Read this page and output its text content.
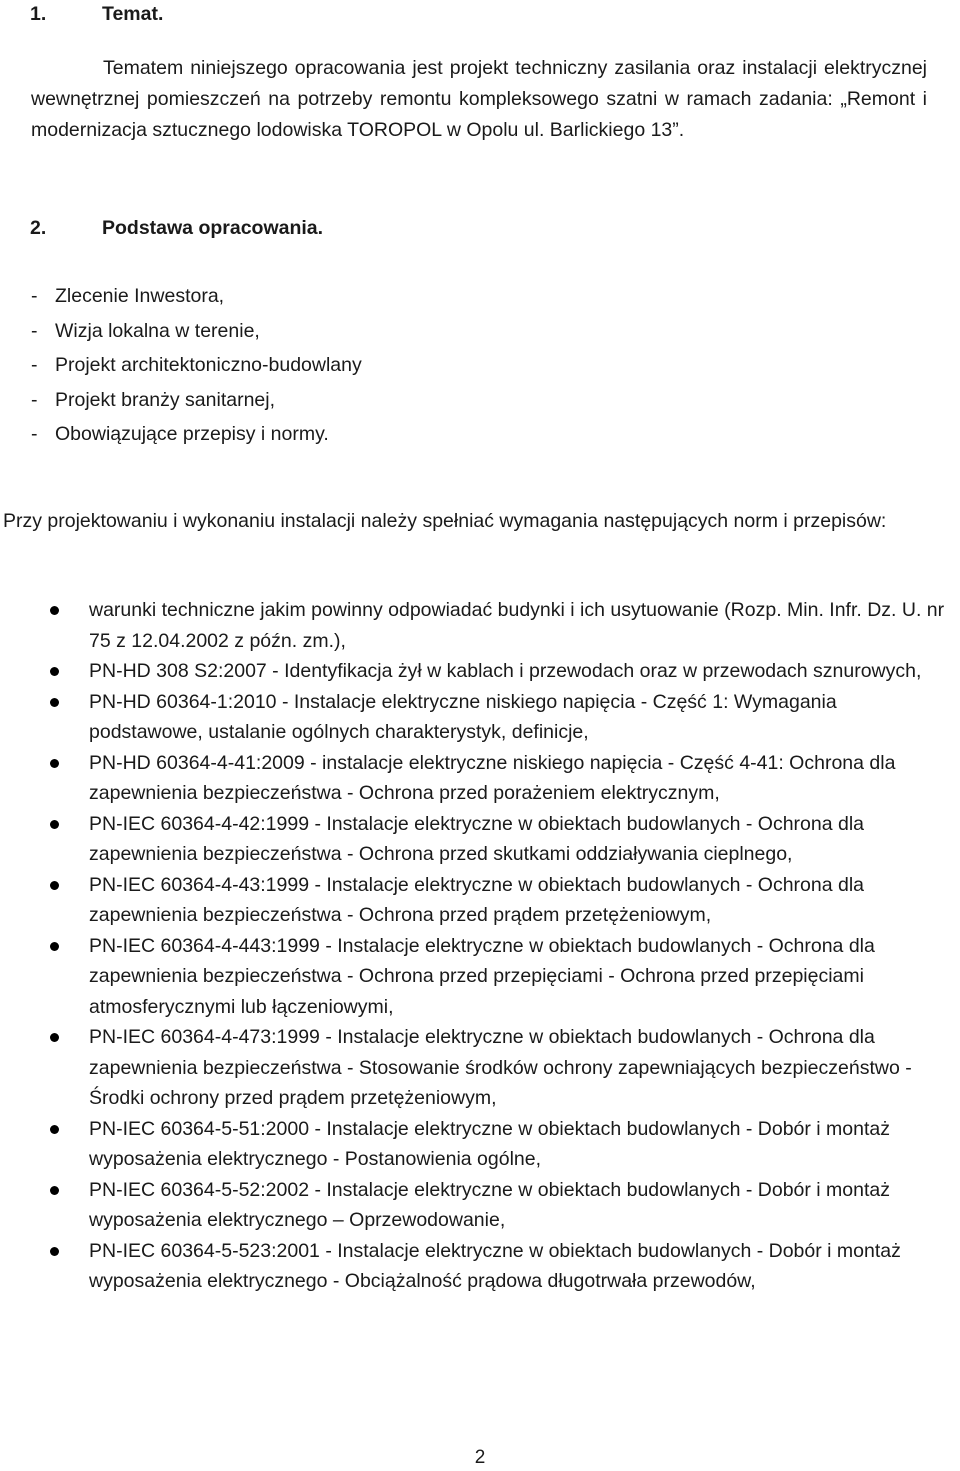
1.	Temat.
Tematem niniejszego opracowania jest projekt techniczny zasilania oraz instalacji elektrycznej wewnętrznej pomieszczeń na potrzeby remontu kompleksowego szatni w ramach zadania: „Remont i modernizacja sztucznego lodowiska TOROPOL w Opolu ul. Barlickiego 13”.
2.	Podstawa opracowania.
- Zlecenie Inwestora,
- Wizja lokalna w terenie,
- Projekt architektoniczno-budowlany
- Projekt branży sanitarnej,
- Obowiązujące przepisy i normy.
Przy projektowaniu i wykonaniu instalacji należy spełniać wymagania następujących norm i przepisów:
warunki techniczne jakim powinny odpowiadać budynki i ich usytuowanie (Rozp. Min. Infr. Dz. U. nr 75 z 12.04.2002 z późn. zm.),
PN-HD 308 S2:2007 - Identyfikacja żył w kablach i przewodach oraz w przewodach sznurowych,
PN-HD 60364-1:2010 - Instalacje elektryczne niskiego napięcia - Część 1: Wymagania podstawowe, ustalanie ogólnych charakterystyk, definicje,
PN-HD 60364-4-41:2009 - instalacje elektryczne niskiego napięcia - Część 4-41: Ochrona dla zapewnienia bezpieczeństwa - Ochrona przed porażeniem elektrycznym,
PN-IEC 60364-4-42:1999 - Instalacje elektryczne w obiektach budowlanych - Ochrona dla zapewnienia bezpieczeństwa - Ochrona przed skutkami oddziaływania cieplnego,
PN-IEC 60364-4-43:1999 - Instalacje elektryczne w obiektach budowlanych - Ochrona dla zapewnienia bezpieczeństwa - Ochrona przed prądem przetężeniowym,
PN-IEC 60364-4-443:1999 - Instalacje elektryczne w obiektach budowlanych - Ochrona dla zapewnienia bezpieczeństwa - Ochrona przed przepięciami - Ochrona przed przepięciami atmosferycznymi lub łączeniowymi,
PN-IEC 60364-4-473:1999 - Instalacje elektryczne w obiektach budowlanych - Ochrona dla zapewnienia bezpieczeństwa - Stosowanie środków ochrony zapewniających bezpieczeństwo - Środki ochrony przed prądem przetężeniowym,
PN-IEC 60364-5-51:2000 - Instalacje elektryczne w obiektach budowlanych - Dobór i montaż wyposażenia elektrycznego - Postanowienia ogólne,
PN-IEC 60364-5-52:2002 - Instalacje elektryczne w obiektach budowlanych - Dobór i montaż wyposażenia elektrycznego – Oprzewodowanie,
PN-IEC 60364-5-523:2001 - Instalacje elektryczne w obiektach budowlanych - Dobór i montaż wyposażenia elektrycznego - Obciążalność prądowa długotrwała przewodów,
2
